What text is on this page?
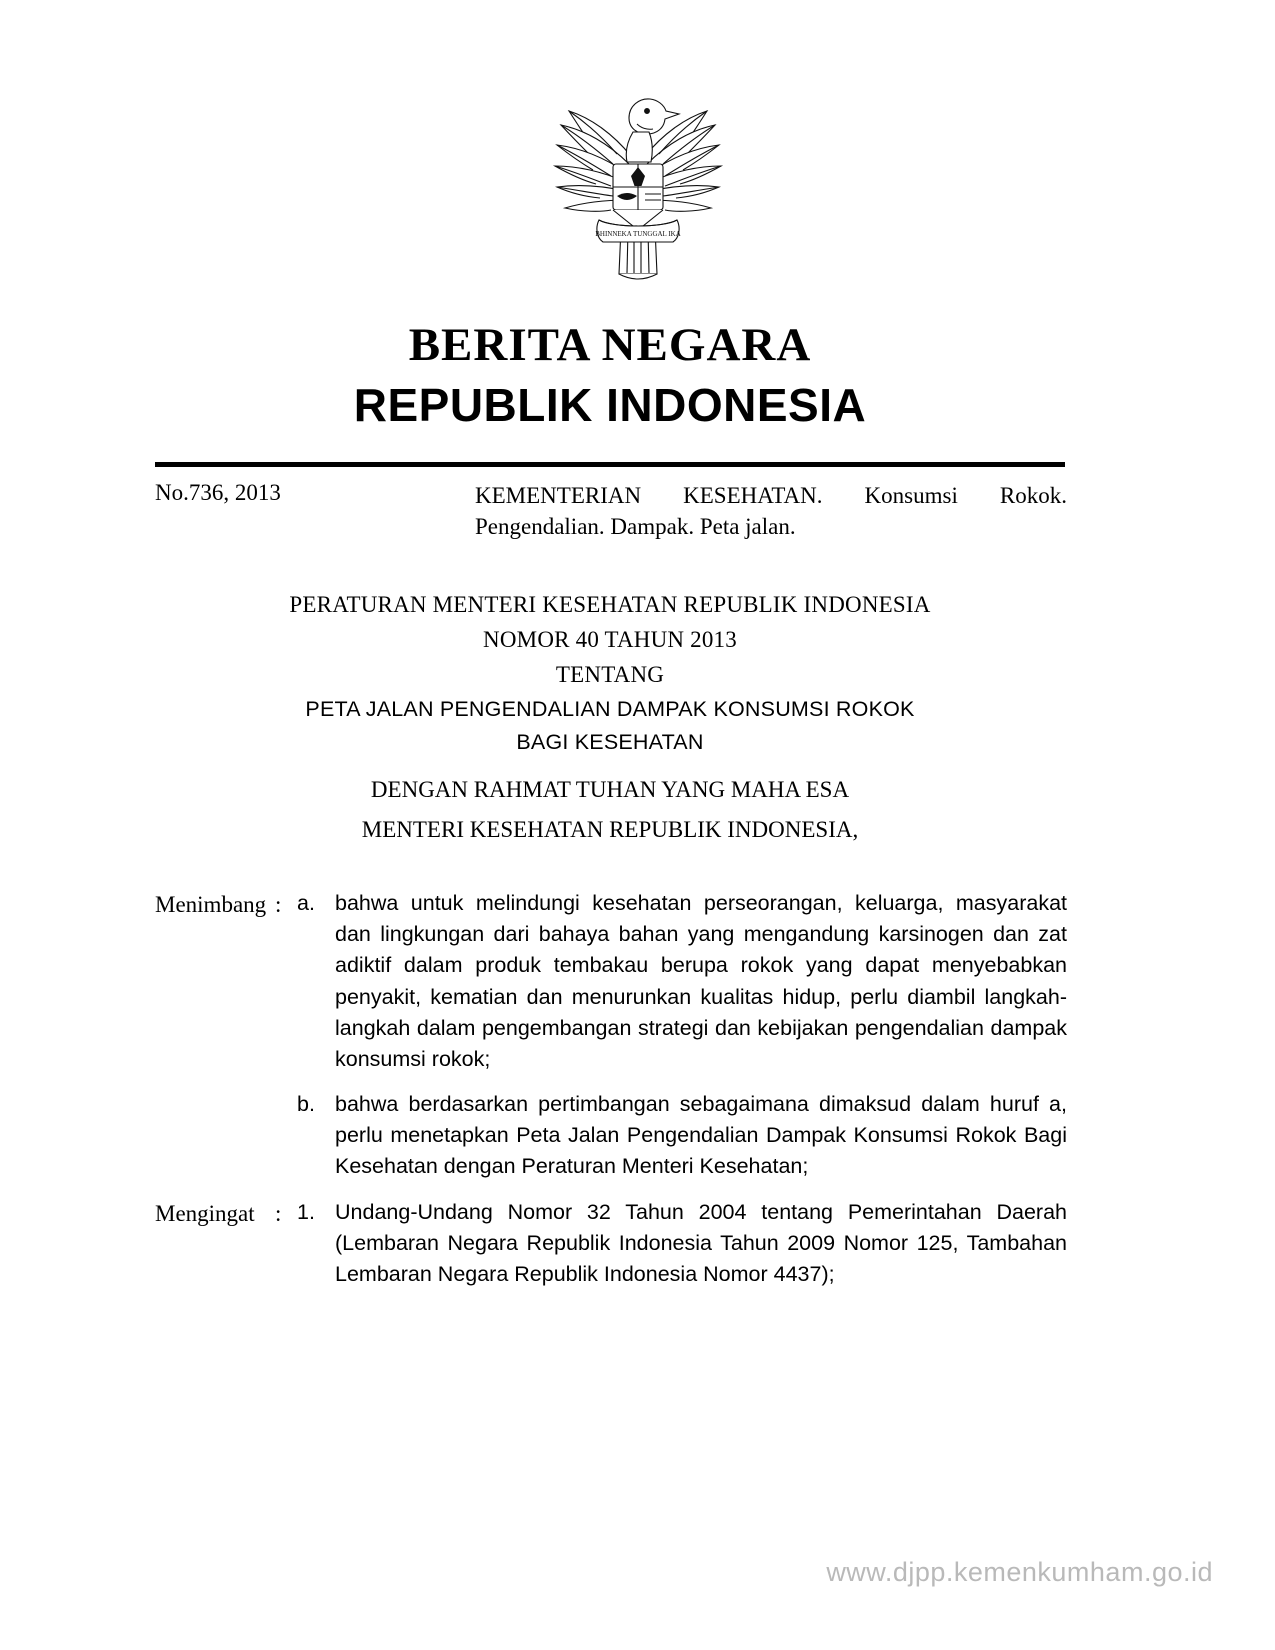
BHINNEKA TUNGGAL IKA
BERITA NEGARA
REPUBLIK INDONESIA
No.736, 2013	KEMENTERIAN KESEHATAN. Konsumsi Rokok.
Pengendalian. Dampak. Peta jalan.
PERATURAN MENTERI KESEHATAN REPUBLIK INDONESIA
NOMOR 40 TAHUN 2013
TENTANG
PETA JALAN PENGENDALIAN DAMPAK KONSUMSI ROKOK
BAGI KESEHATAN
DENGAN RAHMAT TUHAN YANG MAHA ESA
MENTERI KESEHATAN REPUBLIK INDONESIA,
Menimbang : a. bahwa untuk melindungi kesehatan perseorangan, keluarga, masyarakat dan lingkungan dari bahaya bahan yang mengandung karsinogen dan zat adiktif dalam produk tembakau berupa rokok yang dapat menyebabkan penyakit, kematian dan menurunkan kualitas hidup, perlu diambil langkah-langkah dalam pengembangan strategi dan kebijakan pengendalian dampak konsumsi rokok;
b. bahwa berdasarkan pertimbangan sebagaimana dimaksud dalam huruf a, perlu menetapkan Peta Jalan Pengendalian Dampak Konsumsi Rokok Bagi Kesehatan dengan Peraturan Menteri Kesehatan;
Mengingat : 1. Undang-Undang Nomor 32 Tahun 2004 tentang Pemerintahan Daerah (Lembaran Negara Republik Indonesia Tahun 2009 Nomor 125, Tambahan Lembaran Negara Republik Indonesia Nomor 4437);
www.djpp.kemenkumham.go.id
